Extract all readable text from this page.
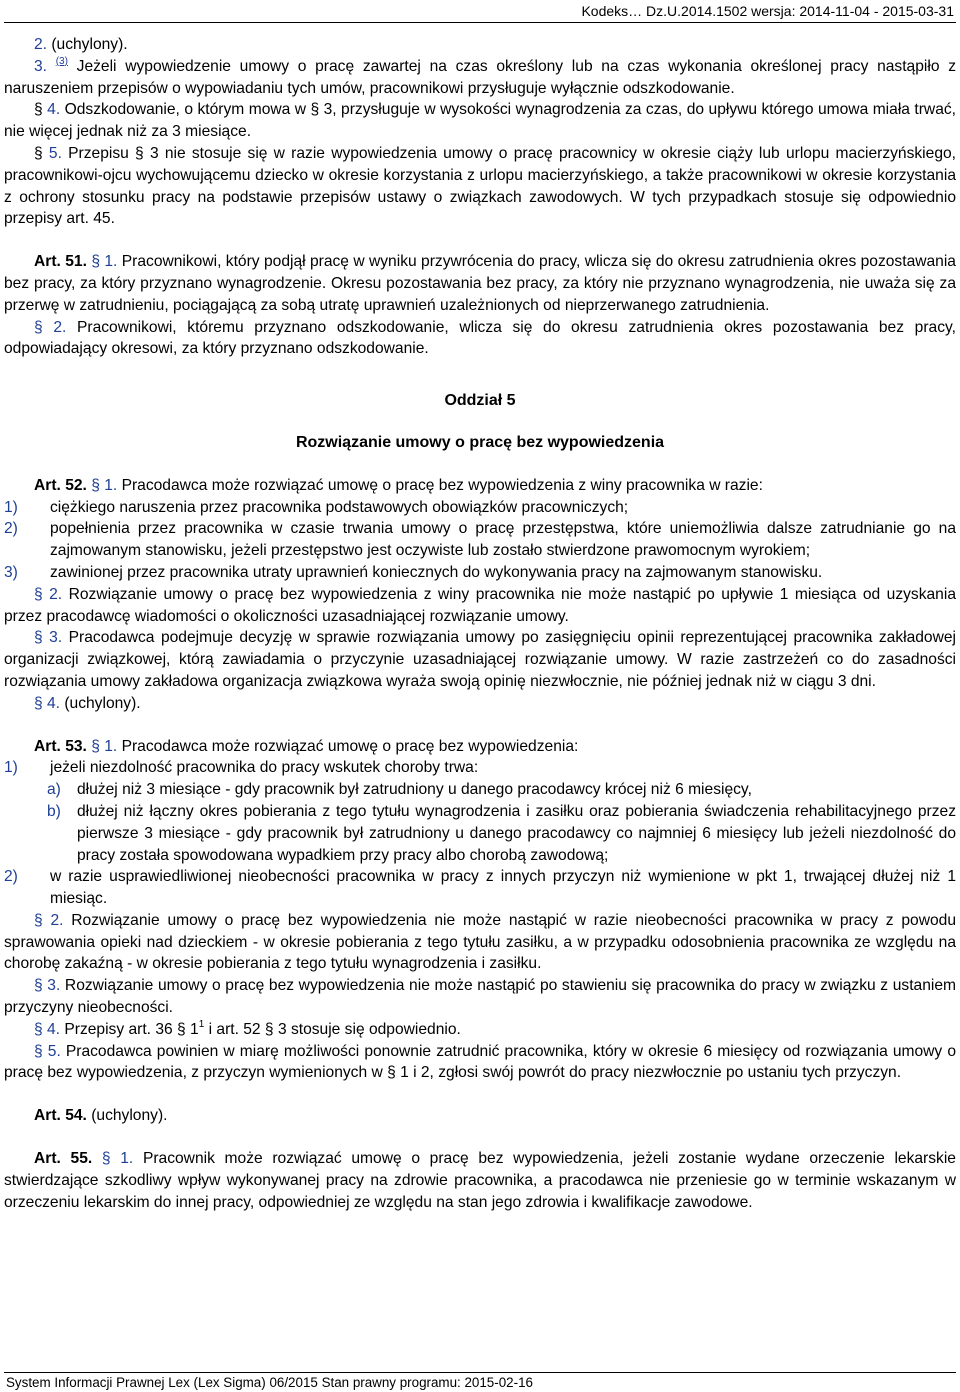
Kodeks… Dz.U.2014.1502 wersja: 2014-11-04 - 2015-03-31

2. (uchylony).

3. $^{(3)}$ Jeżeli wypowiedzenie umowy o pracę zawartej na czas określony lub na czas wykonania określonej pracy nastąpiło z naruszeniem przepisów o wypowiadaniu tych umów, pracownikowi przysługuje wyłącznie odszkodowanie.

§ 4. Odszkodowanie, o którym mowa w § 3, przysługuje w wysokości wynagrodzenia za czas, do upływu którego umowa miała trwać, nie więcej jednak niż za 3 miesiące.

§ 5. Przepisu § 3 nie stosuje się w razie wypowiedzenia umowy o pracę pracownicy w okresie ciąży lub urlopu macierzyńskiego, pracownikowi-ojcu wychowującemu dziecko w okresie korzystania z urlopu macierzyńskiego, a także pracownikowi w okresie korzystania z ochrony stosunku pracy na podstawie przepisów ustawy o związkach zawodowych. W tych przypadkach stosuje się odpowiednio przepisy art. 45.

Art. 51. § 1. Pracownikowi, który podjął pracę w wyniku przywrócenia do pracy, wlicza się do okresu zatrudnienia okres pozostawania bez pracy, za który przyznano wynagrodzenie. Okresu pozostawania bez pracy, za który nie przyznano wynagrodzenia, nie uważa się za przerwę w zatrudnieniu, pociągającą za sobą utratę uprawnień uzależnionych od nieprzerwanego zatrudnienia.

§ 2. Pracownikowi, któremu przyznano odszkodowanie, wlicza się do okresu zatrudnienia okres pozostawania bez pracy, odpowiadający okresowi, za który przyznano odszkodowanie.

Oddział 5

Rozwiązanie umowy o pracę bez wypowiedzenia

Art. 52. § 1. Pracodawca może rozwiązać umowę o pracę bez wypowiedzenia z winy pracownika w razie:

1) ciężkiego naruszenia przez pracownika podstawowych obowiązków pracowniczych;
2) popełnienia przez pracownika w czasie trwania umowy o pracę przestępstwa, które uniemożliwia dalsze zatrudnianie go na zajmowanym stanowisku, jeżeli przestępstwo jest oczywiste lub zostało stwierdzone prawomocnym wyrokiem;
3) zawinionej przez pracownika utraty uprawnień koniecznych do wykonywania pracy na zajmowanym stanowisku.

§ 2. Rozwiązanie umowy o pracę bez wypowiedzenia z winy pracownika nie może nastąpić po upływie 1 miesiąca od uzyskania przez pracodawcę wiadomości o okoliczności uzasadniającej rozwiązanie umowy.

§ 3. Pracodawca podejmuje decyzję w sprawie rozwiązania umowy po zasięgnięciu opinii reprezentującej pracownika zakładowej organizacji związkowej, którą zawiadamia o przyczynie uzasadniającej rozwiązanie umowy. W razie zastrzeżeń co do zasadności rozwiązania umowy zakładowa organizacja związkowa wyraża swoją opinię niezwłocznie, nie później jednak niż w ciągu 3 dni.

§ 4. (uchylony).

Art. 53. § 1. Pracodawca może rozwiązać umowę o pracę bez wypowiedzenia:

1) jeżeli niezdolność pracownika do pracy wskutek choroby trwa:
a) dłużej niż 3 miesiące - gdy pracownik był zatrudniony u danego pracodawcy krócej niż 6 miesięcy,
b) dłużej niż łączny okres pobierania z tego tytułu wynagrodzenia i zasiłku oraz pobierania świadczenia rehabilitacyjnego przez pierwsze 3 miesiące - gdy pracownik był zatrudniony u danego pracodawcy co najmniej 6 miesięcy lub jeżeli niezdolność do pracy została spowodowana wypadkiem przy pracy albo chorobą zawodową;
2) w razie usprawiedliwionej nieobecności pracownika w pracy z innych przyczyn niż wymienione w pkt 1, trwającej dłużej niż 1 miesiąc.

§ 2. Rozwiązanie umowy o pracę bez wypowiedzenia nie może nastąpić w razie nieobecności pracownika w pracy z powodu sprawowania opieki nad dzieckiem - w okresie pobierania z tego tytułu zasiłku, a w przypadku odosobnienia pracownika ze względu na chorobę zakaźną - w okresie pobierania z tego tytułu wynagrodzenia i zasiłku.

§ 3. Rozwiązanie umowy o pracę bez wypowiedzenia nie może nastąpić po stawieniu się pracownika do pracy w związku z ustaniem przyczyny nieobecności.

§ 4. Przepisy art. 36 § $1^1$ i art. 52 § 3 stosuje się odpowiednio.

§ 5. Pracodawca powinien w miarę możliwości ponownie zatrudnić pracownika, który w okresie 6 miesięcy od rozwiązania umowy o pracę bez wypowiedzenia, z przyczyn wymienionych w § 1 i 2, zgłosi swój powrót do pracy niezwłocznie po ustaniu tych przyczyn.

Art. 54. (uchylony).

Art. 55. § 1. Pracownik może rozwiązać umowę o pracę bez wypowiedzenia, jeżeli zostanie wydane orzeczenie lekarskie stwierdzające szkodliwy wpływ wykonywanej pracy na zdrowie pracownika, a pracodawca nie przeniesie go w terminie wskazanym w orzeczeniu lekarskim do innej pracy, odpowiedniej ze względu na stan jego zdrowia i kwalifikacje zawodowe.

System Informacji Prawnej Lex (Lex Sigma) 06/2015 Stan prawny programu: 2015-02-16
